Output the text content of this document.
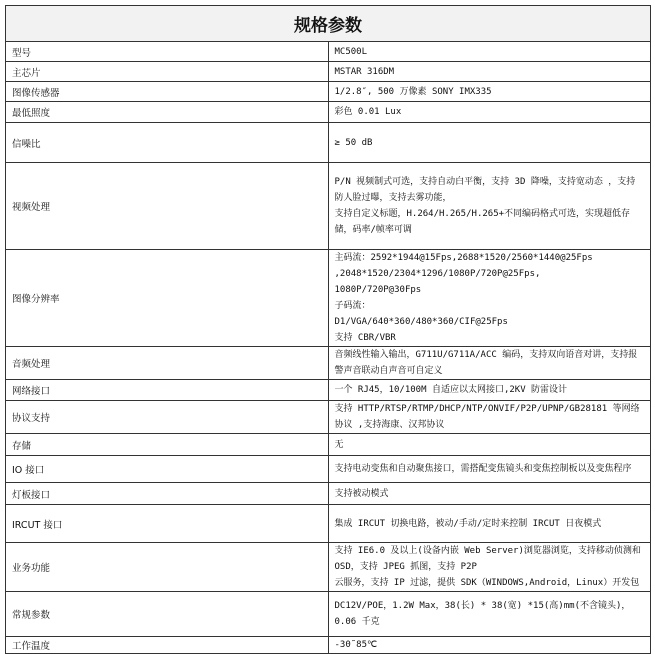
规格参数	
型号	MC500L

主芯片	MSTAR 316DM

图像传感器	1/2.8″, 500 万像素 SONY IMX335

最低照度	彩色 0.01 Lux

信噪比	≥ 50 dB

视频处理	P/N 视频制式可选，支持自动白平衡，支持 3D 降噪，支持宽动态 ，支持防人脸过曝，支持去雾功能，
支持自定义标题，H.264/H.265/H.265+不同编码格式可选，实现超低存储，码率/帧率可调

图像分辨率	主码流：2592*1944@15Fps,2688*1520/2560*1440@25Fps ,2048*1520/2304*1296/1080P/720P@25Fps,
1080P/720P@30Fps
子码流：
D1/VGA/640*360/480*360/CIF@25Fps
支持 CBR/VBR

音频处理	音频线性输入输出，G711U/G711A/ACC 编码，支持双向语音对讲，支持报警声音联动自声音可自定义

网络接口	一个 RJ45，10/100M 自适应以太网接口,2KV 防雷设计

协议支持	支持 HTTP/RTSP/RTMP/DHCP/NTP/ONVIF/P2P/UPNP/GB28181 等网络协议 ,支持海康、汉邦协议

存储	无

IO 接口	支持电动变焦和自动聚焦接口，需搭配变焦镜头和变焦控制板以及变焦程序

灯板接口	支持被动模式

IRCUT 接口	集成 IRCUT 切换电路，被动/手动/定时来控制 IRCUT 日夜模式

业务功能	支持 IE6.0 及以上(设备内嵌 Web Server)浏览器浏览，支持移动侦测和 OSD，支持 JPEG 抓图，支持 P2P
云服务，支持 IP 过滤，提供 SDK（WINDOWS,Android，Linux）开发包

常规参数	DC12V/POE，1.2W Max，38(长) * 38(宽) *15(高)mm(不含镜头)，0.06 千克

工作温度	-30˜85℃
